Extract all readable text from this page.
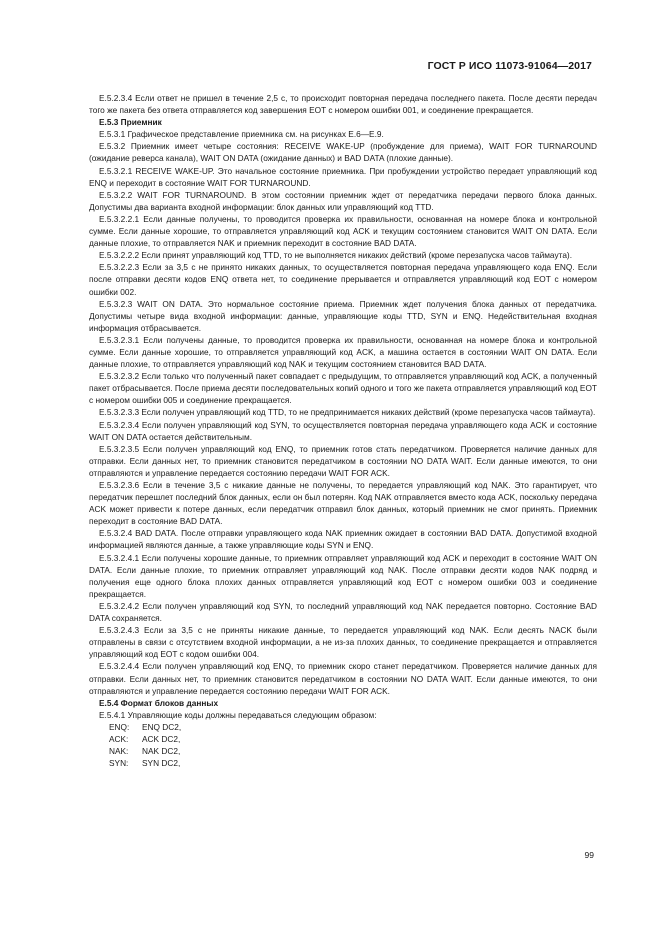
ГОСТ Р ИСО 11073-91064—2017

E.5.2.3.4 Если ответ не пришел в течение 2,5 с, то происходит повторная передача последнего пакета. После десяти передач того же пакета без ответа отправляется код завершения EOT с номером ошибки 001, и соединение прекращается.

E.5.3 Приемник

E.5.3.1 Графическое представление приемника см. на рисунках E.6—E.9.

E.5.3.2 Приемник имеет четыре состояния: RECEIVE WAKE-UP (пробуждение для приема), WAIT FOR TURNAROUND (ожидание реверса канала), WAIT ON DATA (ожидание данных) и BAD DATA (плохие данные).

E.5.3.2.1 RECEIVE WAKE-UP. Это начальное состояние приемника. При пробуждении устройство передает управляющий код ENQ и переходит в состояние WAIT FOR TURNAROUND.

E.5.3.2.2 WAIT FOR TURNAROUND. В этом состоянии приемник ждет от передатчика передачи первого блока данных. Допустимы два варианта входной информации: блок данных или управляющий код TTD.

E.5.3.2.2.1 Если данные получены, то проводится проверка их правильности, основанная на номере блока и контрольной сумме. Если данные хорошие, то отправляется управляющий код ACK и текущим состоянием становится WAIT ON DATA. Если данные плохие, то отправляется NAK и приемник переходит в состояние BAD DATA.

E.5.3.2.2.2 Если принят управляющий код TTD, то не выполняется никаких действий (кроме перезапуска часов таймаута).

E.5.3.2.2.3 Если за 3,5 с не принято никаких данных, то осуществляется повторная передача управляющего кода ENQ. Если после отправки десяти кодов ENQ ответа нет, то соединение прерывается и отправляется управляющий код EOT с номером ошибки 002.

E.5.3.2.3 WAIT ON DATA. Это нормальное состояние приема. Приемник ждет получения блока данных от передатчика. Допустимы четыре вида входной информации: данные, управляющие коды TTD, SYN и ENQ. Недействительная входная информация отбрасывается.

E.5.3.2.3.1 Если получены данные, то проводится проверка их правильности, основанная на номере блока и контрольной сумме. Если данные хорошие, то отправляется управляющий код ACK, а машина остается в состоянии WAIT ON DATA. Если данные плохие, то отправляется управляющий код NAK и текущим состоянием становится BAD DATA.

E.5.3.2.3.2 Если только что полученный пакет совпадает с предыдущим, то отправляется управляющий код ACK, а полученный пакет отбрасывается. После приема десяти последовательных копий одного и того же пакета отправляется управляющий код EOT с номером ошибки 005 и соединение прекращается.

E.5.3.2.3.3 Если получен управляющий код TTD, то не предпринимается никаких действий (кроме перезапуска часов таймаута).

E.5.3.2.3.4 Если получен управляющий код SYN, то осуществляется повторная передача управляющего кода ACK и состояние WAIT ON DATA остается действительным.

E.5.3.2.3.5 Если получен управляющий код ENQ, то приемник готов стать передатчиком. Проверяется наличие данных для отправки. Если данных нет, то приемник становится передатчиком в состоянии NO DATA WAIT. Если данные имеются, то они отправляются и управление передается состоянию передачи WAIT FOR ACK.

E.5.3.2.3.6 Если в течение 3,5 с никакие данные не получены, то передается управляющий код NAK. Это гарантирует, что передатчик перешлет последний блок данных, если он был потерян. Код NAK отправляется вместо кода ACK, поскольку передача ACK может привести к потере данных, если передатчик отправил блок данных, который приемник не смог принять. Приемник переходит в состояние BAD DATA.

E.5.3.2.4 BAD DATA. После отправки управляющего кода NAK приемник ожидает в состоянии BAD DATA. Допустимой входной информацией являются данные, а также управляющие коды SYN и ENQ.

E.5.3.2.4.1 Если получены хорошие данные, то приемник отправляет управляющий код ACK и переходит в состояние WAIT ON DATA. Если данные плохие, то приемник отправляет управляющий код NAK. После отправки десяти кодов NAK подряд и получения еще одного блока плохих данных отправляется управляющий код EOT с номером ошибки 003 и соединение прекращается.

E.5.3.2.4.2 Если получен управляющий код SYN, то последний управляющий код NAK передается повторно. Состояние BAD DATA сохраняется.

E.5.3.2.4.3 Если за 3,5 с не приняты никакие данные, то передается управляющий код NAK. Если десять NACK были отправлены в связи с отсутствием входной информации, а не из-за плохих данных, то соединение прекращается и отправляется управляющий код EOT с кодом ошибки 004.

E.5.3.2.4.4 Если получен управляющий код ENQ, то приемник скоро станет передатчиком. Проверяется наличие данных для отправки. Если данных нет, то приемник становится передатчиком в состоянии NO DATA WAIT. Если данные имеются, то они отправляются и управление передается состоянию передачи WAIT FOR ACK.

E.5.4 Формат блоков данных

E.5.4.1 Управляющие коды должны передаваться следующим образом:

ENQ: ENQ DC2,

ACK: ACK DC2,

NAK: NAK DC2,

SYN: SYN DC2,

99
